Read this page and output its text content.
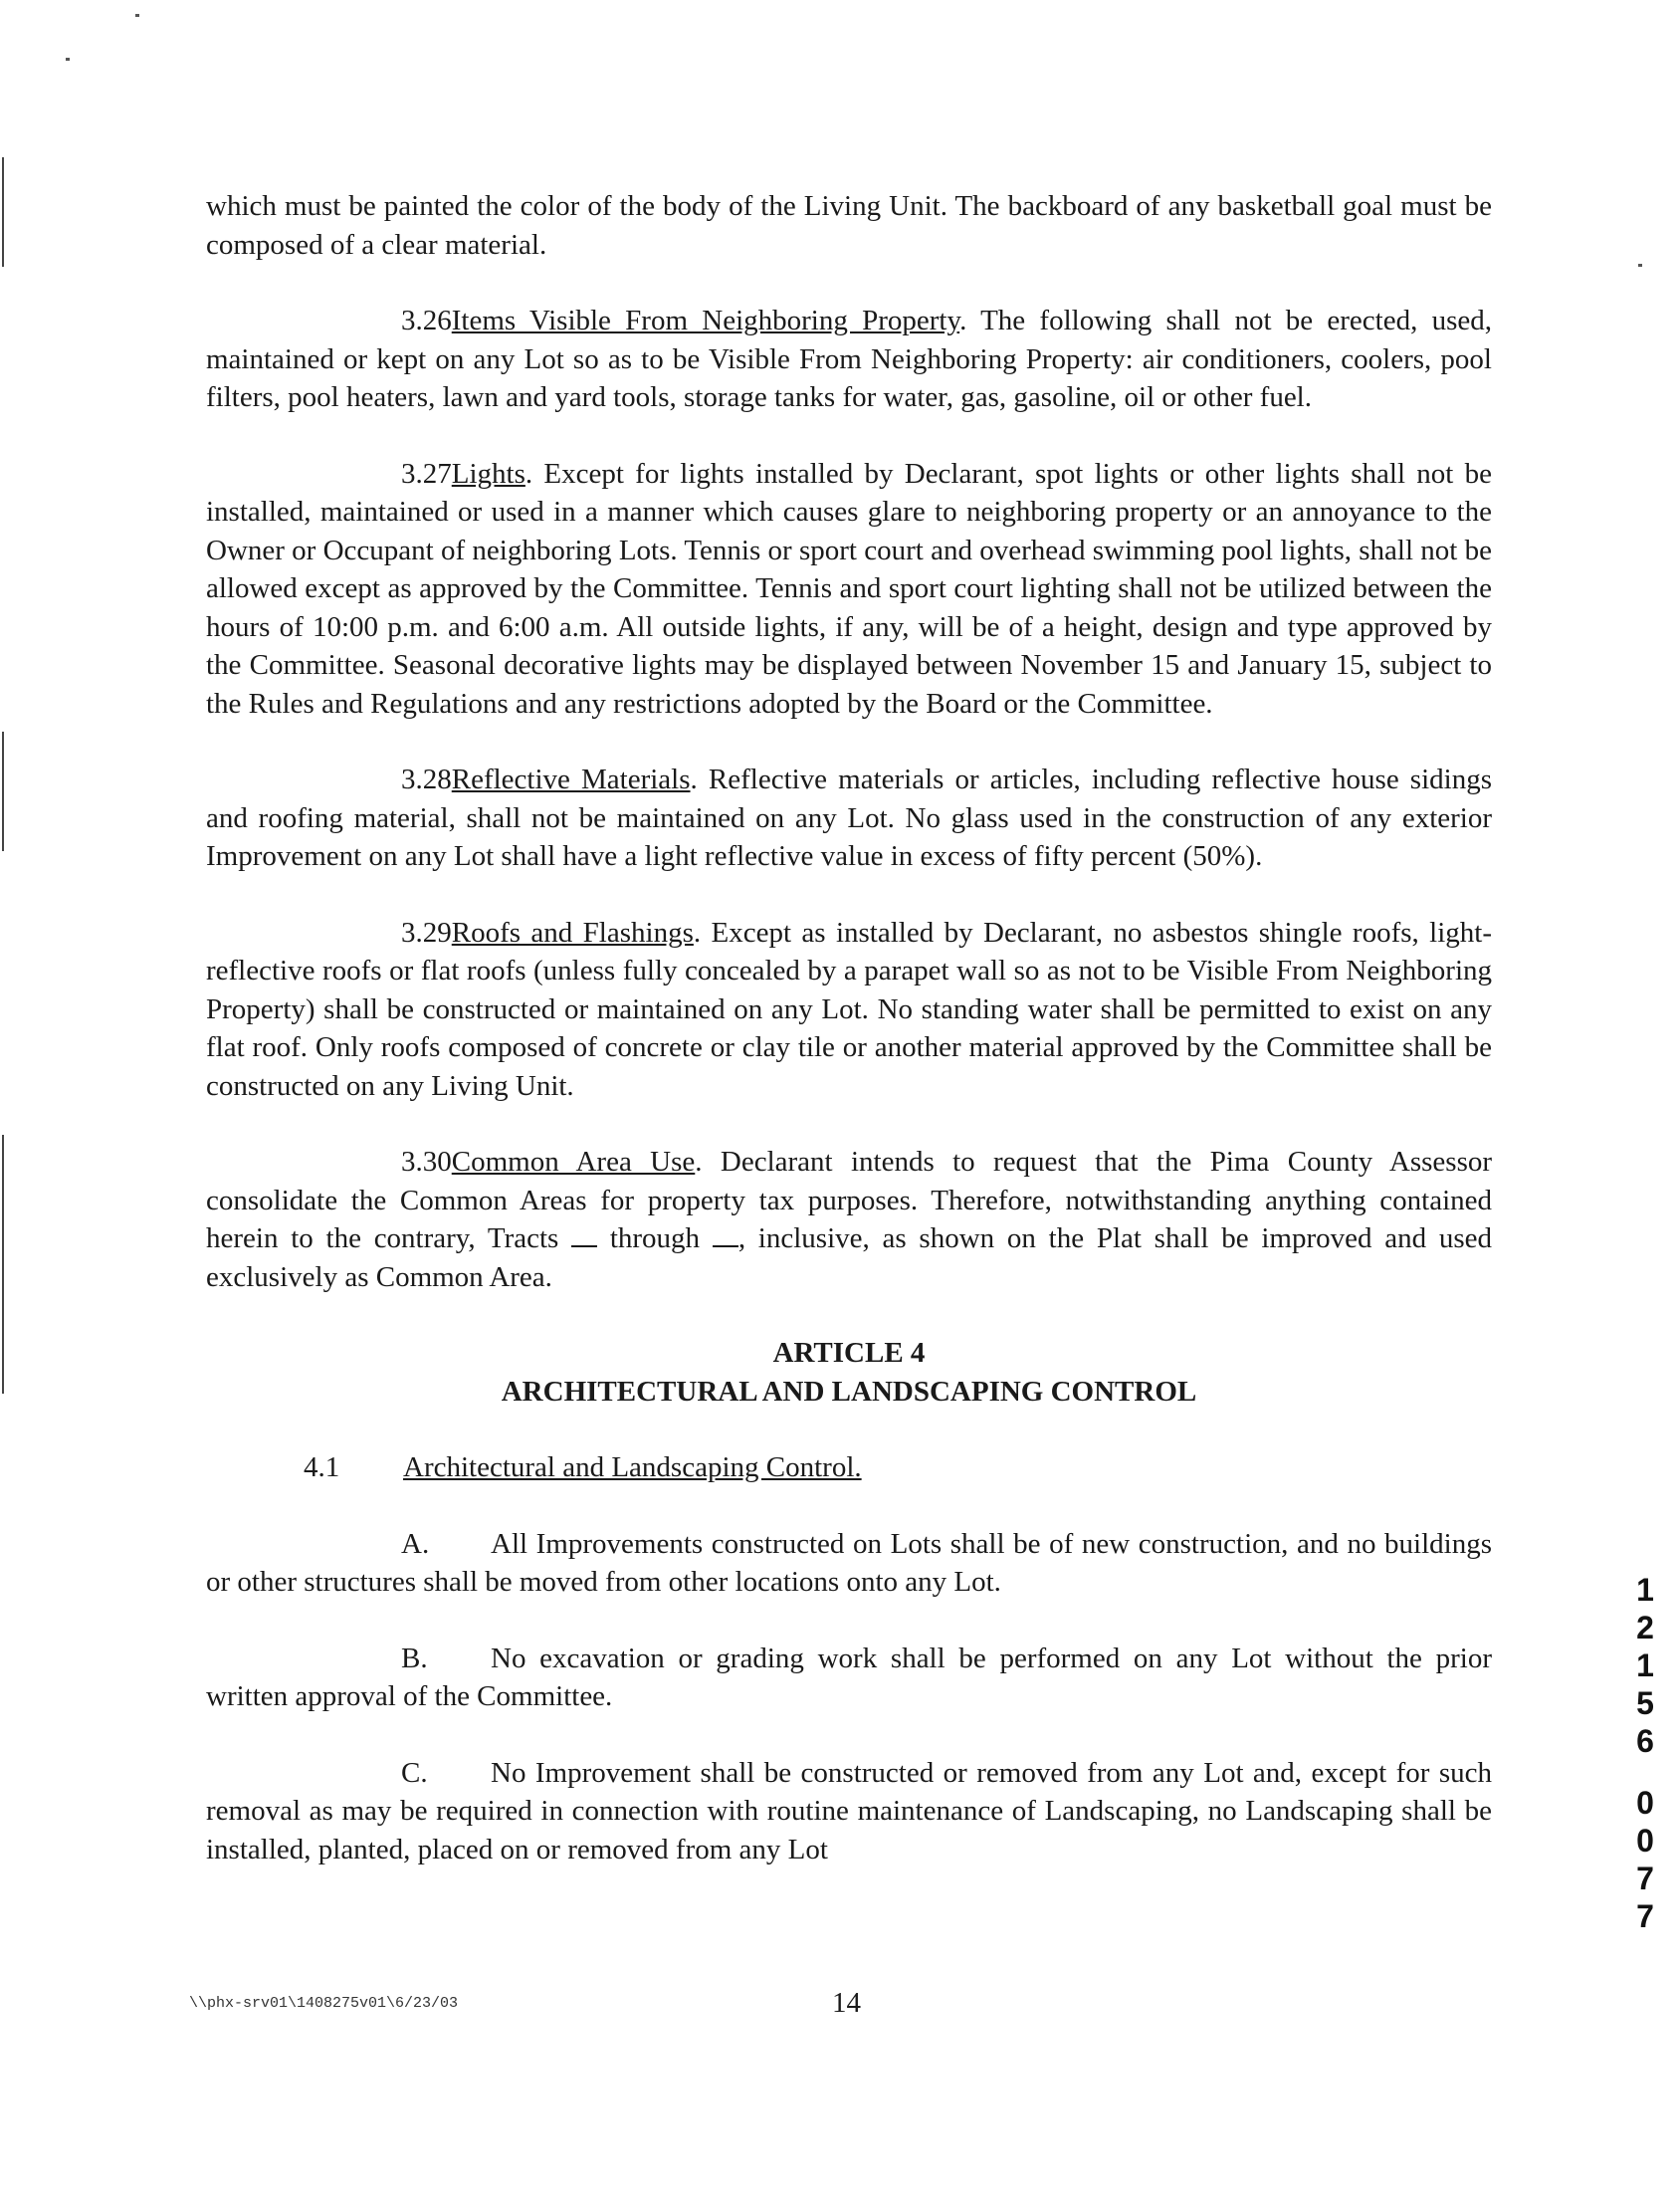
which must be painted the color of the body of the Living Unit. The backboard of any basketball goal must be composed of a clear material.

3.26Items Visible From Neighboring Property. The following shall not be erected, used, maintained or kept on any Lot so as to be Visible From Neighboring Property: air conditioners, coolers, pool filters, pool heaters, lawn and yard tools, storage tanks for water, gas, gasoline, oil or other fuel.

3.27Lights. Except for lights installed by Declarant, spot lights or other lights shall not be installed, maintained or used in a manner which causes glare to neighboring property or an annoyance to the Owner or Occupant of neighboring Lots. Tennis or sport court and overhead swimming pool lights, shall not be allowed except as approved by the Committee. Tennis and sport court lighting shall not be utilized between the hours of 10:00 p.m. and 6:00 a.m. All outside lights, if any, will be of a height, design and type approved by the Committee. Seasonal decorative lights may be displayed between November 15 and January 15, subject to the Rules and Regulations and any restrictions adopted by the Board or the Committee.

3.28Reflective Materials. Reflective materials or articles, including reflective house sidings and roofing material, shall not be maintained on any Lot. No glass used in the construction of any exterior Improvement on any Lot shall have a light reflective value in excess of fifty percent (50%).

3.29Roofs and Flashings. Except as installed by Declarant, no asbestos shingle roofs, light-reflective roofs or flat roofs (unless fully concealed by a parapet wall so as not to be Visible From Neighboring Property) shall be constructed or maintained on any Lot. No standing water shall be permitted to exist on any flat roof. Only roofs composed of concrete or clay tile or another material approved by the Committee shall be constructed on any Living Unit.

3.30Common Area Use. Declarant intends to request that the Pima County Assessor consolidate the Common Areas for property tax purposes. Therefore, notwithstanding anything contained herein to the contrary, Tracts through , inclusive, as shown on the Plat shall be improved and used exclusively as Common Area.

ARTICLE 4
ARCHITECTURAL AND LANDSCAPING CONTROL
4.1 Architectural and Landscaping Control.

A. All Improvements constructed on Lots shall be of new construction, and no buildings or other structures shall be moved from other locations onto any Lot.

B. No excavation or grading work shall be performed on any Lot without the prior written approval of the Committee.

C. No Improvement shall be constructed or removed from any Lot and, except for such removal as may be required in connection with routine maintenance of Landscaping, no Landscaping shall be installed, planted, placed on or removed from any Lot

\\phx-srv01\1408275v01\6/23/03	14
1
2
1
5
6
0
0
7
7
